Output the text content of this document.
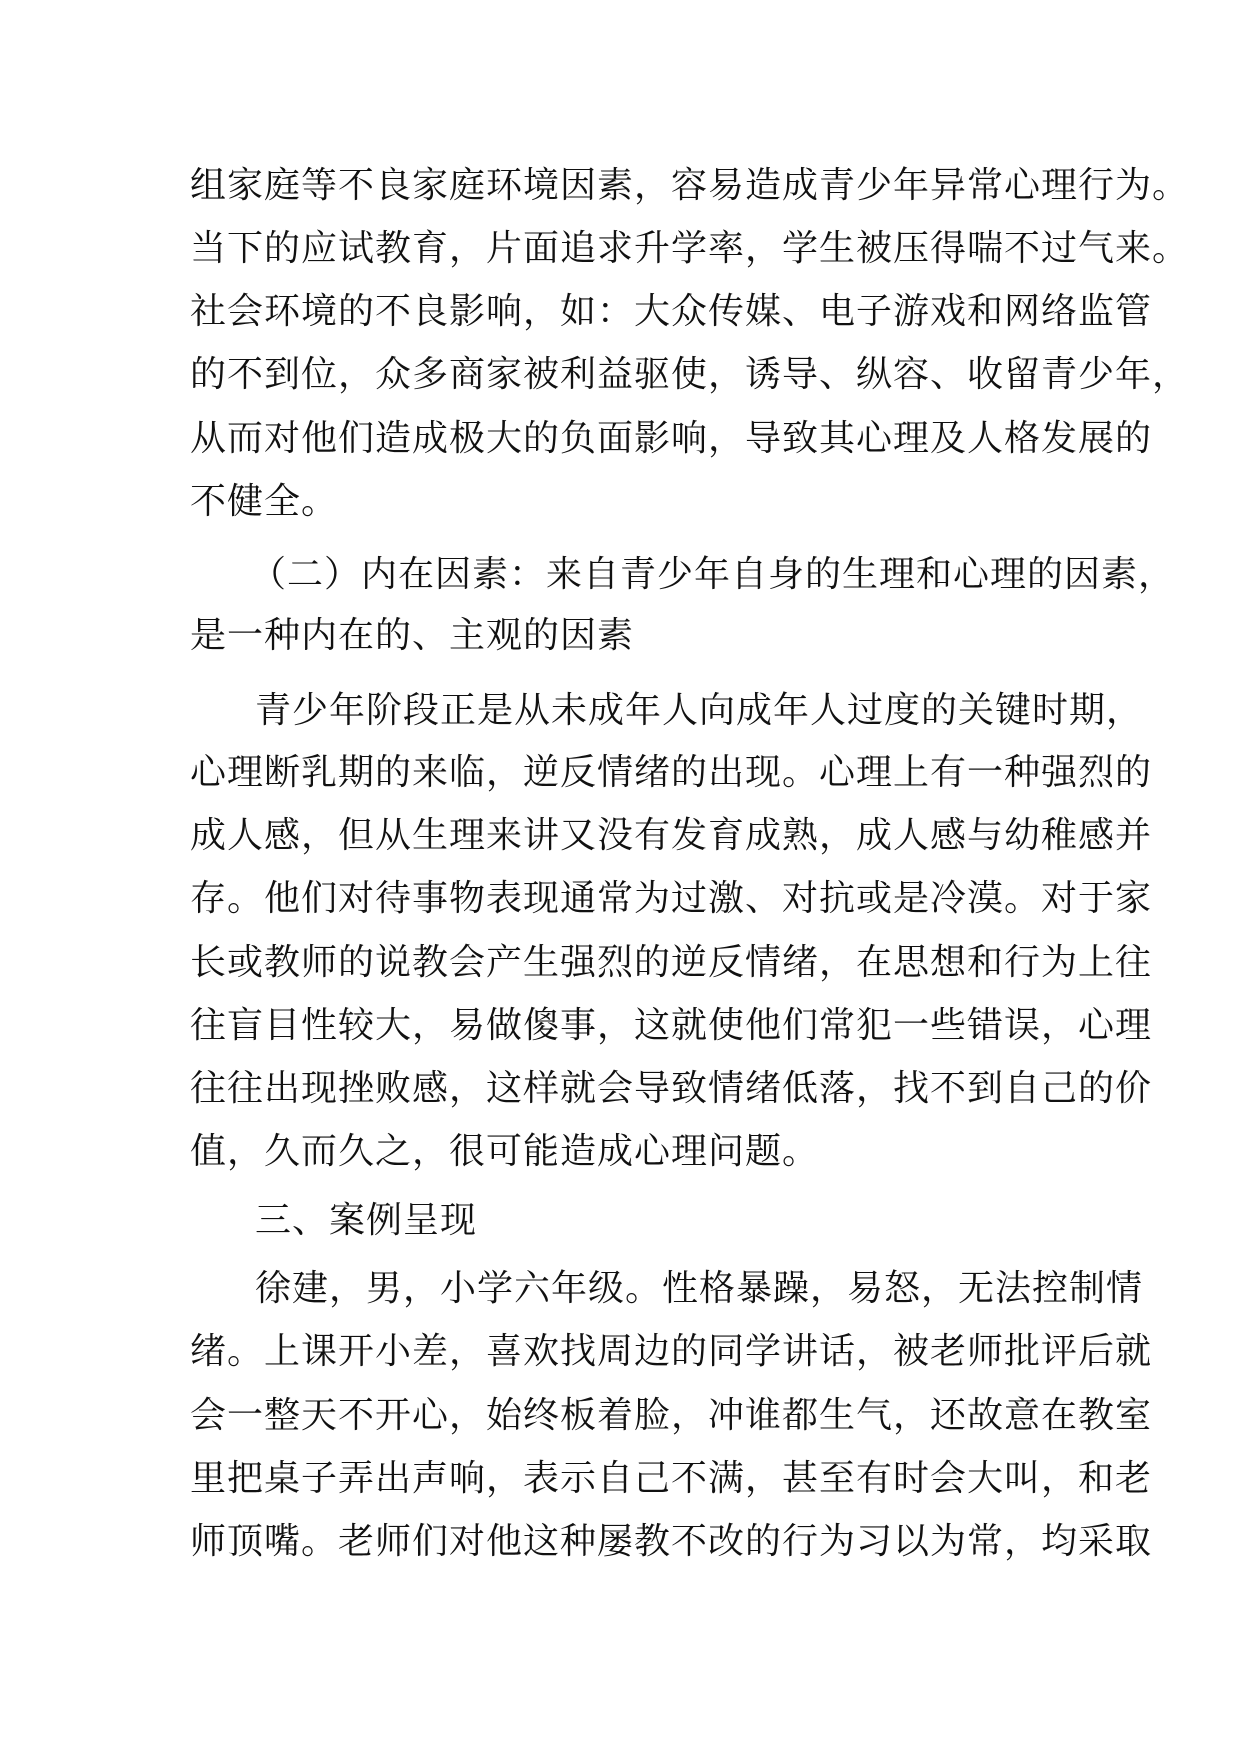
组家庭等不良家庭环境因素，容易造成青少年异常心理行为。
当下的应试教育，片面追求升学率，学生被压得喘不过气来。
社会环境的不良影响，如：大众传媒、电子游戏和网络监管
的不到位，众多商家被利益驱使，诱导、纵容、收留青少年，
从而对他们造成极大的负面影响，导致其心理及人格发展的
不健全。
（二）内在因素：来自青少年自身的生理和心理的因素，
是一种内在的、主观的因素
青少年阶段正是从未成年人向成年人过度的关键时期，
心理断乳期的来临，逆反情绪的出现。心理上有一种强烈的
成人感，但从生理来讲又没有发育成熟，成人感与幼稚感并
存。他们对待事物表现通常为过激、对抗或是冷漠。对于家
长或教师的说教会产生强烈的逆反情绪，在思想和行为上往
往盲目性较大，易做傻事，这就使他们常犯一些错误，心理
往往出现挫败感，这样就会导致情绪低落，找不到自己的价
值，久而久之，很可能造成心理问题。
三、案例呈现
徐建，男，小学六年级。性格暴躁，易怒，无法控制情
绪。上课开小差，喜欢找周边的同学讲话，被老师批评后就
会一整天不开心，始终板着脸，冲谁都生气，还故意在教室
里把桌子弄出声响，表示自己不满，甚至有时会大叫，和老
师顶嘴。老师们对他这种屡教不改的行为习以为常，均采取
